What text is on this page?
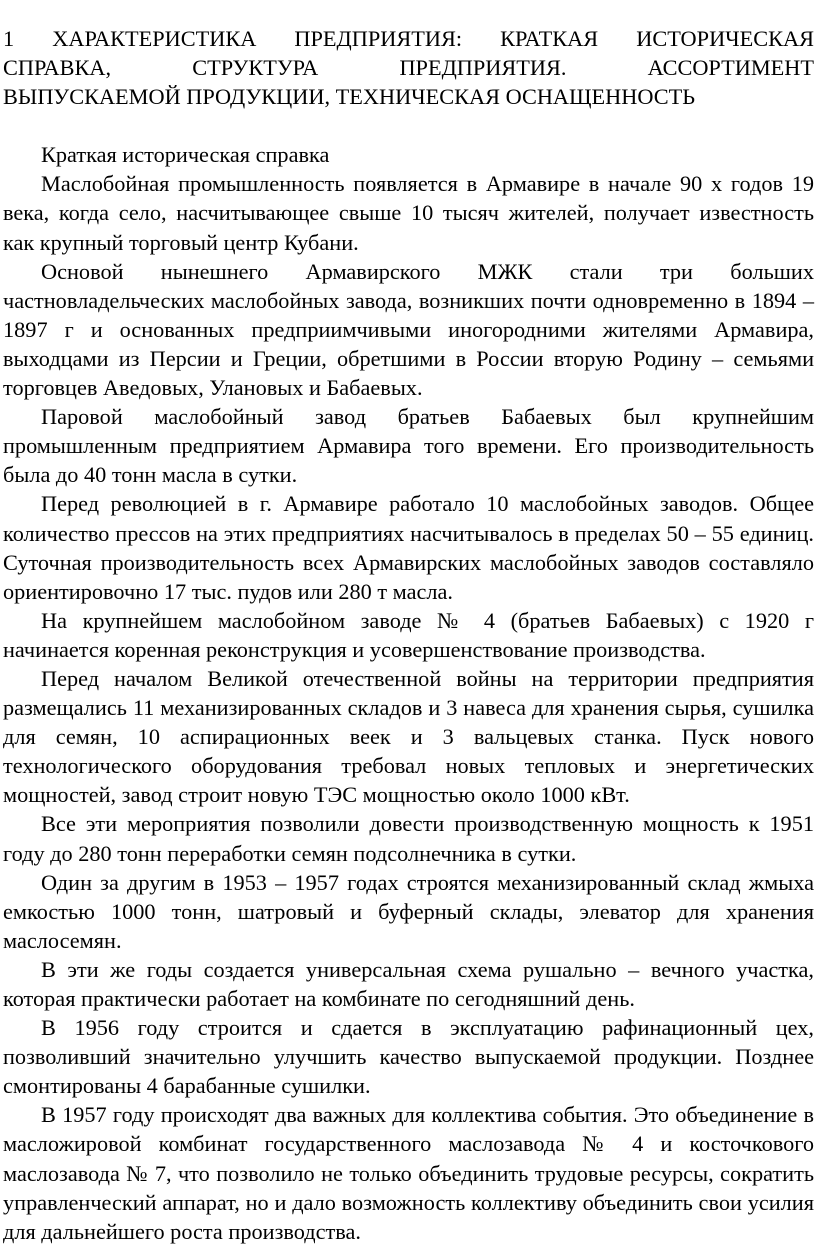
1 ХАРАКТЕРИСТИКА ПРЕДПРИЯТИЯ: КРАТКАЯ ИСТОРИЧЕСКАЯ
СПРАВКА, СТРУКТУРА ПРЕДПРИЯТИЯ. АССОРТИМЕНТ
ВЫПУСКАЕМОЙ ПРОДУКЦИИ, ТЕХНИЧЕСКАЯ ОСНАЩЕННОСТЬ
Краткая историческая справка

Маслобойная промышленность появляется в Армавире в начале 90 х годов 19 века, когда село, насчитывающее свыше 10 тысяч жителей, получает известность как крупный торговый центр Кубани.

Основой нынешнего Армавирского МЖК стали три больших частновладельческих маслобойных завода, возникших почти одновременно в 1894 – 1897 г и основанных предприимчивыми иногородними жителями Армавира, выходцами из Персии и Греции, обретшими в России вторую Родину – семьями торговцев Аведовых, Улановых и Бабаевых.

Паровой маслобойный завод братьев Бабаевых был крупнейшим промышленным предприятием Армавира того времени. Его производительность была до 40 тонн масла в сутки.

Перед революцией в г. Армавире работало 10 маслобойных заводов. Общее количество прессов на этих предприятиях насчитывалось в пределах 50 – 55 единиц. Суточная производительность всех Армавирских маслобойных заводов составляло ориентировочно 17 тыс. пудов или 280 т масла.

На крупнейшем маслобойном заводе № 4 (братьев Бабаевых) с 1920 г начинается коренная реконструкция и усовершенствование производства.

Перед началом Великой отечественной войны на территории предприятия размещались 11 механизированных складов и 3 навеса для хранения сырья, сушилка для семян, 10 аспирационных веек и 3 вальцевых станка. Пуск нового технологического оборудования требовал новых тепловых и энергетических мощностей, завод строит новую ТЭС мощностью около 1000 кВт.

Все эти мероприятия позволили довести производственную мощность к 1951 году до 280 тонн переработки семян подсолнечника в сутки.

Один за другим в 1953 – 1957 годах строятся механизированный склад жмыха емкостью 1000 тонн, шатровый и буферный склады, элеватор для хранения маслосемян.

В эти же годы создается универсальная схема рушально – вечного участка, которая практически работает на комбинате по сегодняшний день.

В 1956 году строится и сдается в эксплуатацию рафинационный цех, позволивший значительно улучшить качество выпускаемой продукции. Позднее смонтированы 4 барабанные сушилки.

В 1957 году происходят два важных для коллектива события. Это объединение в масложировой комбинат государственного маслозавода № 4 и косточкового маслозавода № 7, что позволило не только объединить трудовые ресурсы, сократить управленческий аппарат, но и дало возможность коллективу объединить свои усилия для дальнейшего роста производства.
